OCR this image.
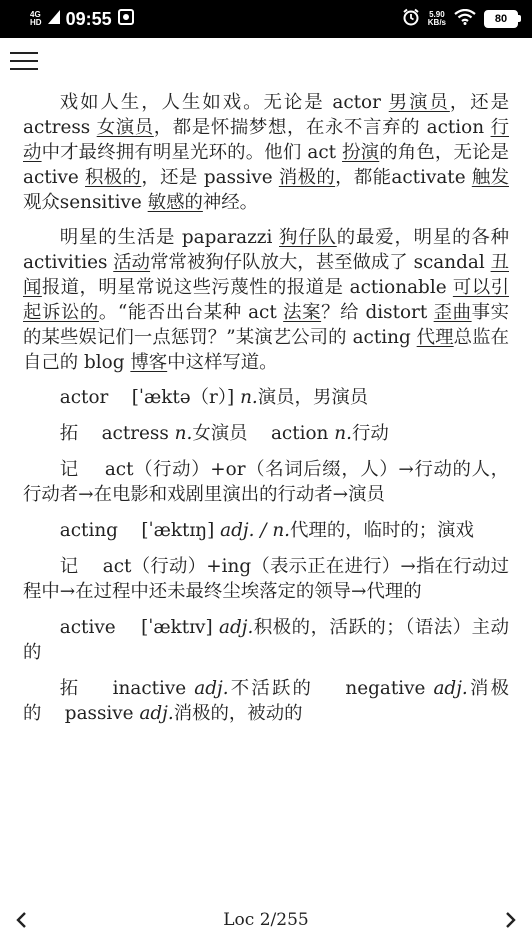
4G
HD 09:55	5.90
KB/s	80

戏如人生，人生如戏。无论是 actor 男演员，还是 actress 女演员，都是怀揣梦想，在永不言弃的 action 行动中才最终拥有明星光环的。他们 act 扮演的角色，无论是 active 积极的，还是 passive 消极的，都能activate 触发观众sensitive 敏感的神经。

明星的生活是 paparazzi 狗仔队的最爱，明星的各种 activities 活动常常被狗仔队放大，甚至做成了 scandal 丑闻报道，明星常说这些污蔑性的报道是 actionable 可以引起诉讼的。“能否出台某种 act 法案？给 distort 歪曲事实的某些娱记们一点惩罚？”某演艺公司的 acting 代理总监在自己的 blog 博客中这样写道。

actor [ˈæktə（r）] n.演员，男演员

拓 actress n.女演员 action n.行动

记 act（行动）+or（名词后缀，人）→行动的人，行动者→在电影和戏剧里演出的行动者→演员

acting [ˈæktɪŋ] adj. / n.代理的，临时的；演戏

记 act（行动）+ing（表示正在进行）→指在行动过程中→在过程中还未最终尘埃落定的领导→代理的

active [ˈæktɪv] adj.积极的，活跃的；（语法）主动的

拓 inactive adj.不活跃的 negative adj.消极的 passive adj.消极的，被动的

Loc 2/255
